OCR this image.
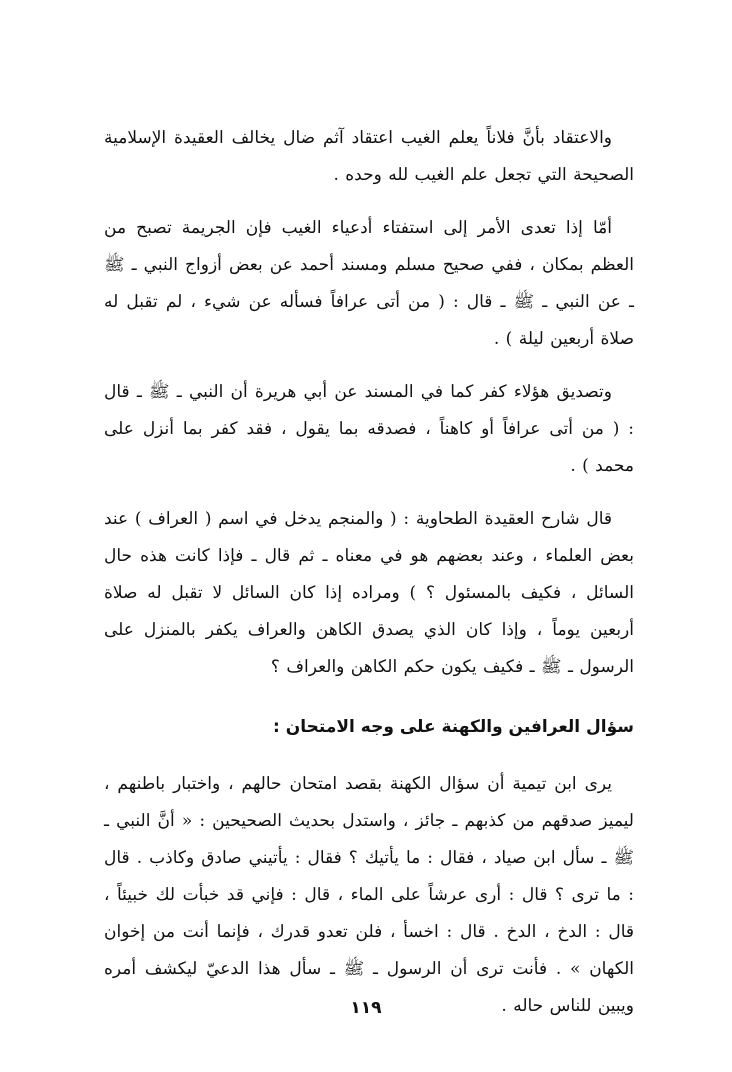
والاعتقاد بأنَّ فلاناً يعلم الغيب اعتقاد آثم ضال يخالف العقيدة الإسلامية الصحيحة التي تجعل علم الغيب لله وحده .

أمّا إذا تعدى الأمر إلى استفتاء أدعياء الغيب فإن الجريمة تصبح من العظم بمكان ، ففي صحيح مسلم ومسند أحمد عن بعض أزواج النبي ـ ﷺ ـ عن النبي ـ ﷺ ـ قال : ( من أتى عرافاً فسأله عن شيء ، لم تقبل له صلاة أربعين ليلة ) .

وتصديق هؤلاء كفر كما في المسند عن أبي هريرة أن النبي ـ ﷺ ـ قال : ( من أتى عرافاً أو كاهناً ، فصدقه بما يقول ، فقد كفر بما أنزل على محمد ) .

قال شارح العقيدة الطحاوية : ( والمنجم يدخل في اسم ( العراف ) عند بعض العلماء ، وعند بعضهم هو في معناه ـ ثم قال ـ فإذا كانت هذه حال السائل ، فكيف بالمسئول ؟ ) ومراده إذا كان السائل لا تقبل له صلاة أربعين يوماً ، وإذا كان الذي يصدق الكاهن والعراف يكفر بالمنزل على الرسول ـ ﷺ ـ فكيف يكون حكم الكاهن والعراف ؟

سؤال العرافين والكهنة على وجه الامتحان :

يرى ابن تيمية أن سؤال الكهنة بقصد امتحان حالهم ، واختبار باطنهم ، ليميز صدقهم من كذبهم ـ جائز ، واستدل بحديث الصحيحين : « أنَّ النبي ـ ﷺ ـ سأل ابن صياد ، فقال : ما يأتيك ؟ فقال : يأتيني صادق وكاذب . قال : ما ترى ؟ قال : أرى عرشاً على الماء ، قال : فإني قد خبأت لك خبيئاً ، قال : الدخ ، الدخ . قال : اخسأ ، فلن تعدو قدرك ، فإنما أنت من إخوان الكهان » . فأنت ترى أن الرسول ـ ﷺ ـ سأل هذا الدعيّ ليكشف أمره ويبين للناس حاله .

١١٩
